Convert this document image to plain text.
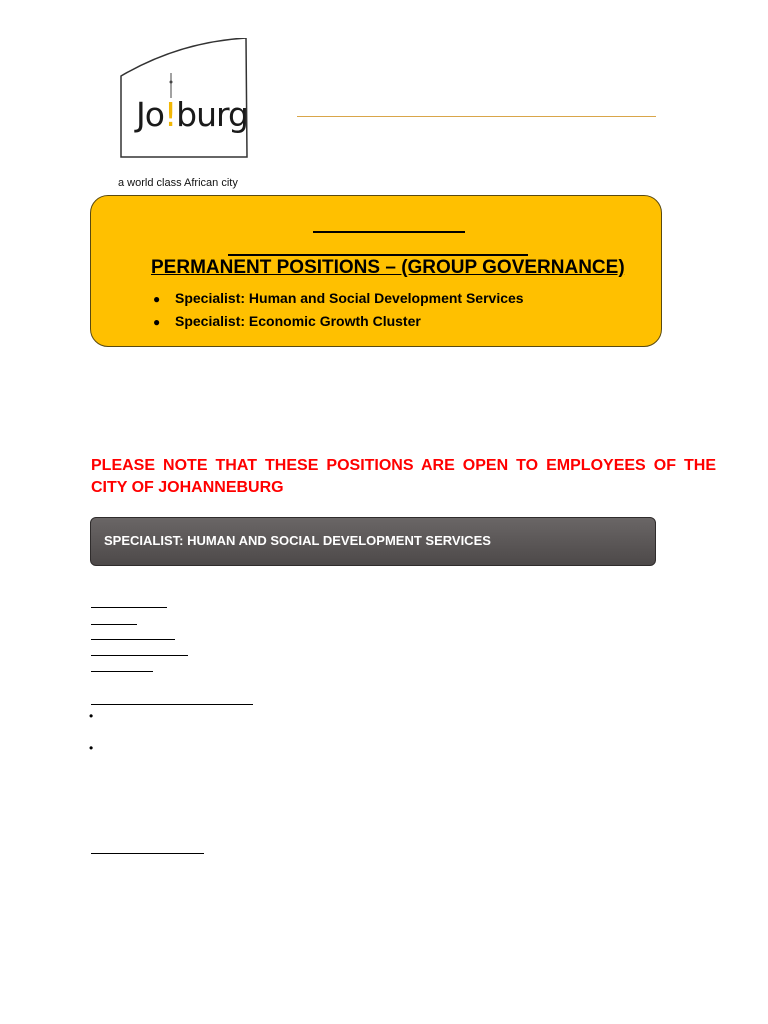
Jo!burg
a world class African city
PERMANENT POSITIONS – (GROUP GOVERNANCE)
● Specialist: Human and Social Development Services
● Specialist: Economic Growth Cluster
PLEASE NOTE THAT THESE POSITIONS ARE OPEN TO EMPLOYEES OF THE CITY OF JOHANNEBURG
SPECIALIST: HUMAN AND SOCIAL DEVELOPMENT SERVICES
•
•
